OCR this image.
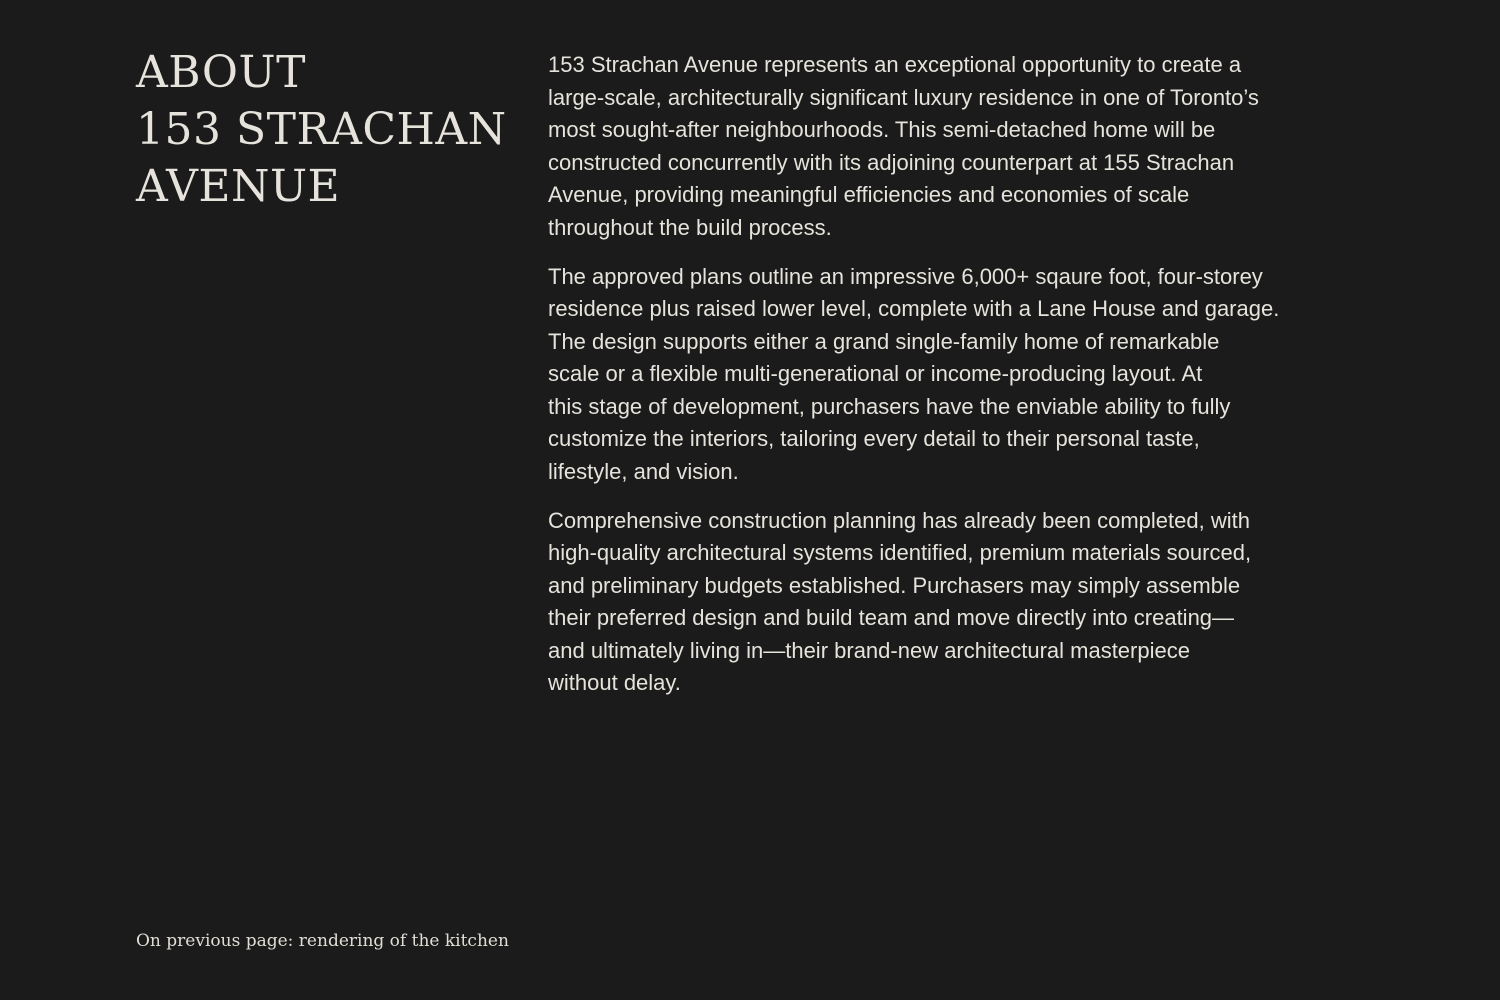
ABOUT
153 STRACHAN
AVENUE

153 Strachan Avenue represents an exceptional opportunity to create a
large-scale, architecturally significant luxury residence in one of Toronto’s
most sought-after neighbourhoods. This semi-detached home will be
constructed concurrently with its adjoining counterpart at 155 Strachan
Avenue, providing meaningful efficiencies and economies of scale
throughout the build process.

The approved plans outline an impressive 6,000+ sqaure foot, four-storey
residence plus raised lower level, complete with a Lane House and garage.
The design supports either a grand single-family home of remarkable
scale or a flexible multi-generational or income-producing layout. At
this stage of development, purchasers have the enviable ability to fully
customize the interiors, tailoring every detail to their personal taste,
lifestyle, and vision.

Comprehensive construction planning has already been completed, with
high-quality architectural systems identified, premium materials sourced,
and preliminary budgets established. Purchasers may simply assemble
their preferred design and build team and move directly into creating—
and ultimately living in—their brand-new architectural masterpiece
without delay.

On previous page: rendering of the kitchen
